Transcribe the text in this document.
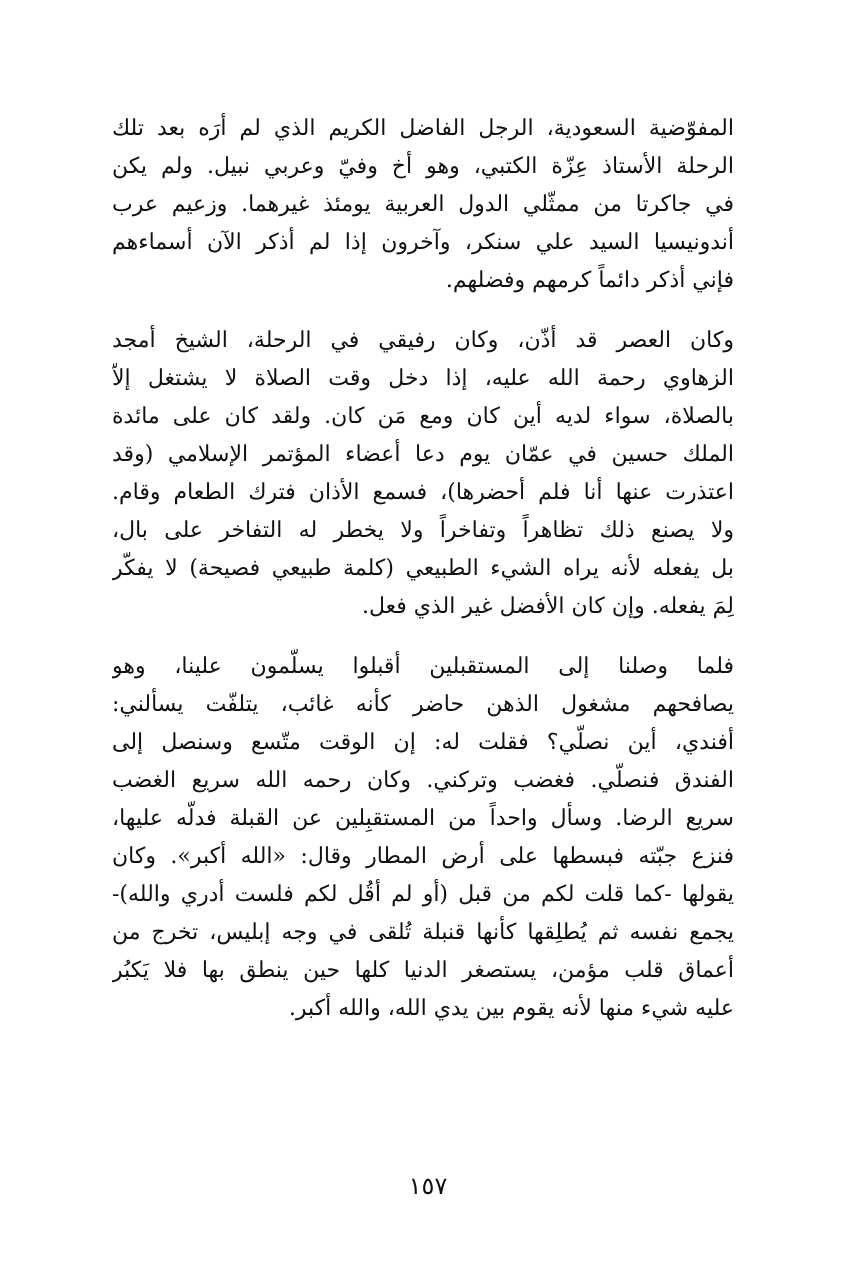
المفوّضية السعودية، الرجل الفاضل الكريم الذي لم أرَه بعد تلك
الرحلة الأستاذ عِزّة الكتبي، وهو أخ وفيّ وعربي نبيل. ولم يكن
في جاكرتا من ممثّلي الدول العربية يومئذ غيرهما. وزعيم عرب
أندونيسيا السيد علي سنكر، وآخرون إذا لم أذكر الآن أسماءهم
فإني أذكر دائماً كرمهم وفضلهم.
وكان العصر قد أذّن، وكان رفيقي في الرحلة، الشيخ أمجد
الزهاوي رحمة الله عليه، إذا دخل وقت الصلاة لا يشتغل إلاّ
بالصلاة، سواء لديه أين كان ومع مَن كان. ولقد كان على مائدة
الملك حسين في عمّان يوم دعا أعضاء المؤتمر الإسلامي (وقد
اعتذرت عنها أنا فلم أحضرها)، فسمع الأذان فترك الطعام وقام.
ولا يصنع ذلك تظاهراً وتفاخراً ولا يخطر له التفاخر على بال،
بل يفعله لأنه يراه الشيء الطبيعي (كلمة طبيعي فصيحة) لا يفكّر
لِمَ يفعله. وإن كان الأفضل غير الذي فعل.
فلما وصلنا إلى المستقبلين أقبلوا يسلّمون علينا، وهو
يصافحهم مشغول الذهن حاضر كأنه غائب، يتلفّت يسألني:
أفندي، أين نصلّي؟ فقلت له: إن الوقت متّسع وسنصل إلى
الفندق فنصلّي. فغضب وتركني. وكان رحمه الله سريع الغضب
سريع الرضا. وسأل واحداً من المستقبِلين عن القبلة فدلّه عليها،
فنزع جبّته فبسطها على أرض المطار وقال: «الله أكبر». وكان
يقولها -كما قلت لكم من قبل (أو لم أقُل لكم فلست أدري والله)-
يجمع نفسه ثم يُطلِقها كأنها قنبلة تُلقى في وجه إبليس، تخرج من
أعماق قلب مؤمن، يستصغر الدنيا كلها حين ينطق بها فلا يَكبُر
عليه شيء منها لأنه يقوم بين يدي الله، والله أكبر.
١٥٧
